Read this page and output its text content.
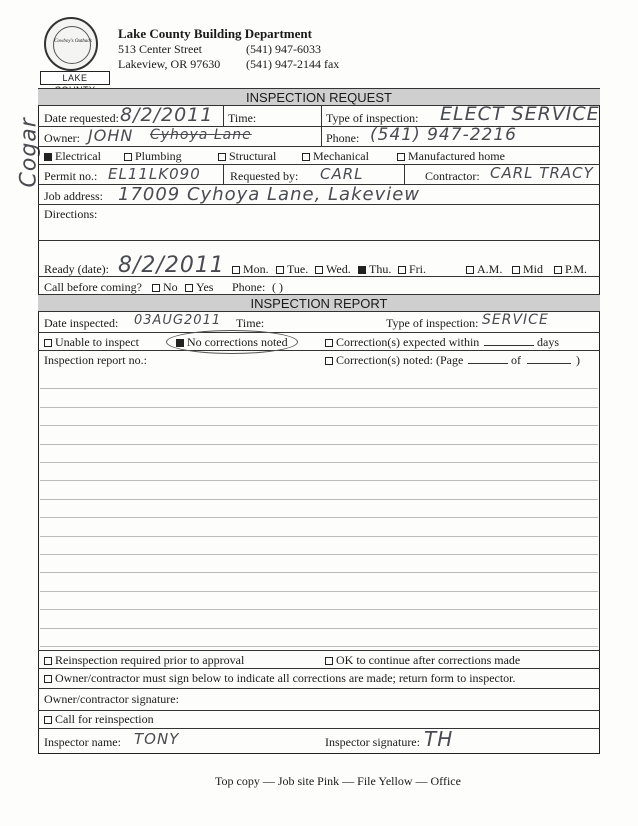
Cowboy's Outback
LAKE
Lake County Building Department
513 Center Street
Lakeview, OR 97630
(541) 947-6033
(541) 947-2144 fax
Cogar
INSPECTION REQUEST
Date requested: 8/2/2011 Time:	Type of inspection: ELECT SERVICE
Owner: JOHN Cyhoya Lane	Phone: (541) 947-2216
Electrical	Plumbing	Structural	Mechanical	Manufactured home
Permit no.: EL11LK090 Requested by: CARL	Contractor: CARL TRACY
Job address: 17009 Cyhoya Lane, Lakeview
Directions:
Ready (date): 8/2/2011	Mon.	Tue.	Wed.	Thu.	Fri.	A.M.	Mid	P.M.
Call before coming?	No	Yes Phone: ( )
INSPECTION REPORT
Date inspected: 03AUG2011 Time:	Type of inspection: SERVICE
Unable to inspect	No corrections noted	Correction(s) expected within	days
Inspection report no.:	Correction(s) noted: (Page	of	)
Reinspection required prior to approval	OK to continue after corrections made
Owner/contractor must sign below to indicate all corrections are made; return form to inspector.
Owner/contractor signature:
Call for reinspection
Inspector name: TONY	Inspector signature: TH
Top copy — Job site Pink — File Yellow — Office
